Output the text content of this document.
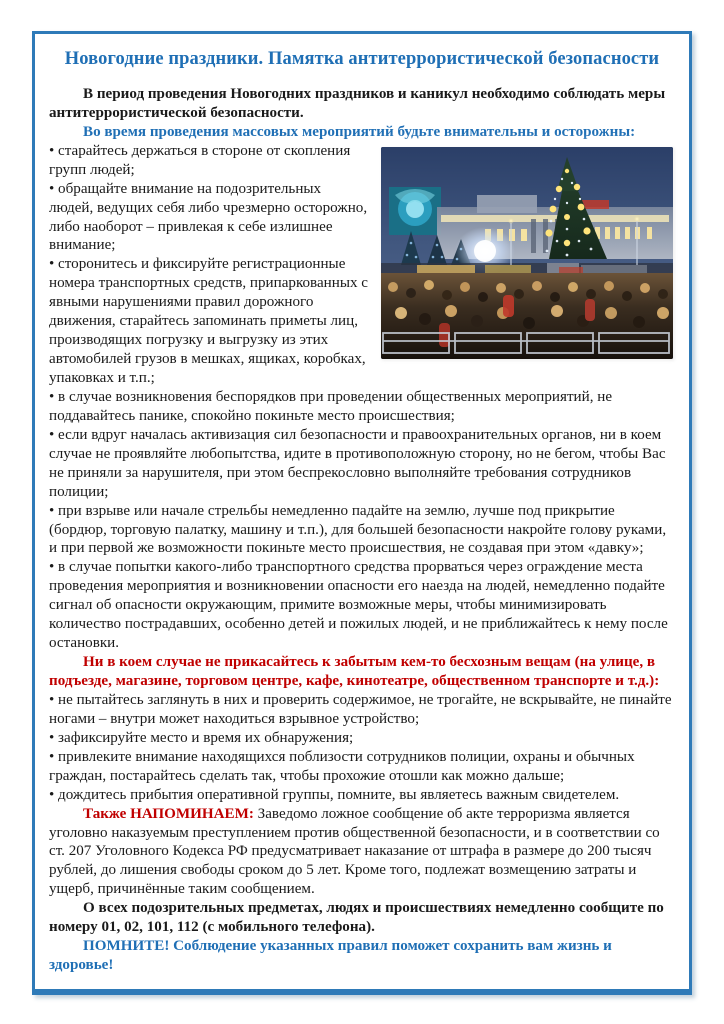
Новогодние праздники. Памятка антитеррористической безопасности

В период проведения Новогодних праздников и каникул необходимо соблюдать меры антитеррористической безопасности.

Во время проведения массовых мероприятий будьте внимательны и осторожны:

• старайтесь держаться в стороне от скопления групп людей;

• обращайте внимание на подозрительных людей, ведущих себя либо чрезмерно осторожно, либо наоборот – привлекая к себе излишнее внимание;

• сторонитесь и фиксируйте регистрационные номера транспортных средств, припаркованных с явными нарушениями правил дорожного движения, старайтесь запоминать приметы лиц, производящих погрузку и выгрузку из этих автомобилей грузов в мешках, ящиках, коробках, упаковках и т.п.;

• в случае возникновения беспорядков при проведении общественных мероприятий, не поддавайтесь панике, спокойно покиньте место происшествия;

• если вдруг началась активизация сил безопасности и правоохранительных органов, ни в коем случае не проявляйте любопытства, идите в противоположную сторону, но не бегом, чтобы Вас не приняли за нарушителя, при этом беспрекословно выполняйте требования сотрудников полиции;

• при взрыве или начале стрельбы немедленно падайте на землю, лучше под прикрытие (бордюр, торговую палатку, машину и т.п.), для большей безопасности накройте голову руками, и при первой же возможности покиньте место происшествия, не создавая при этом «давку»;

• в случае попытки какого-либо транспортного средства прорваться через ограждение места проведения мероприятия и возникновении опасности его наезда на людей, немедленно подайте сигнал об опасности окружающим, примите возможные меры, чтобы минимизировать количество пострадавших, особенно детей и пожилых людей, и не приближайтесь к нему после остановки.

Ни в коем случае не прикасайтесь к забытым кем-то бесхозным вещам (на улице, в подъезде, магазине, торговом центре, кафе, кинотеатре, общественном транспорте и т.д.):

• не пытайтесь заглянуть в них и проверить содержимое, не трогайте, не вскрывайте, не пинайте ногами – внутри может находиться взрывное устройство;

• зафиксируйте место и время их обнаружения;

• привлеките внимание находящихся поблизости сотрудников полиции, охраны и обычных граждан, постарайтесь сделать так, чтобы прохожие отошли как можно дальше;

• дождитесь прибытия оперативной группы, помните, вы являетесь важным свидетелем.

Также НАПОМИНАЕМ: Заведомо ложное сообщение об акте терроризма является уголовно наказуемым преступлением против общественной безопасности, и в соответствии со ст. 207 Уголовного Кодекса РФ предусматривает наказание от штрафа в размере до 200 тысяч рублей, до лишения свободы сроком до 5 лет. Кроме того, подлежат возмещению затраты и ущерб, причинённые таким сообщением.

О всех подозрительных предметах, людях и происшествиях немедленно сообщите по номеру 01, 02, 101, 112 (с мобильного телефона).

ПОМНИТЕ! Соблюдение указанных правил поможет сохранить вам жизнь и здоровье!
